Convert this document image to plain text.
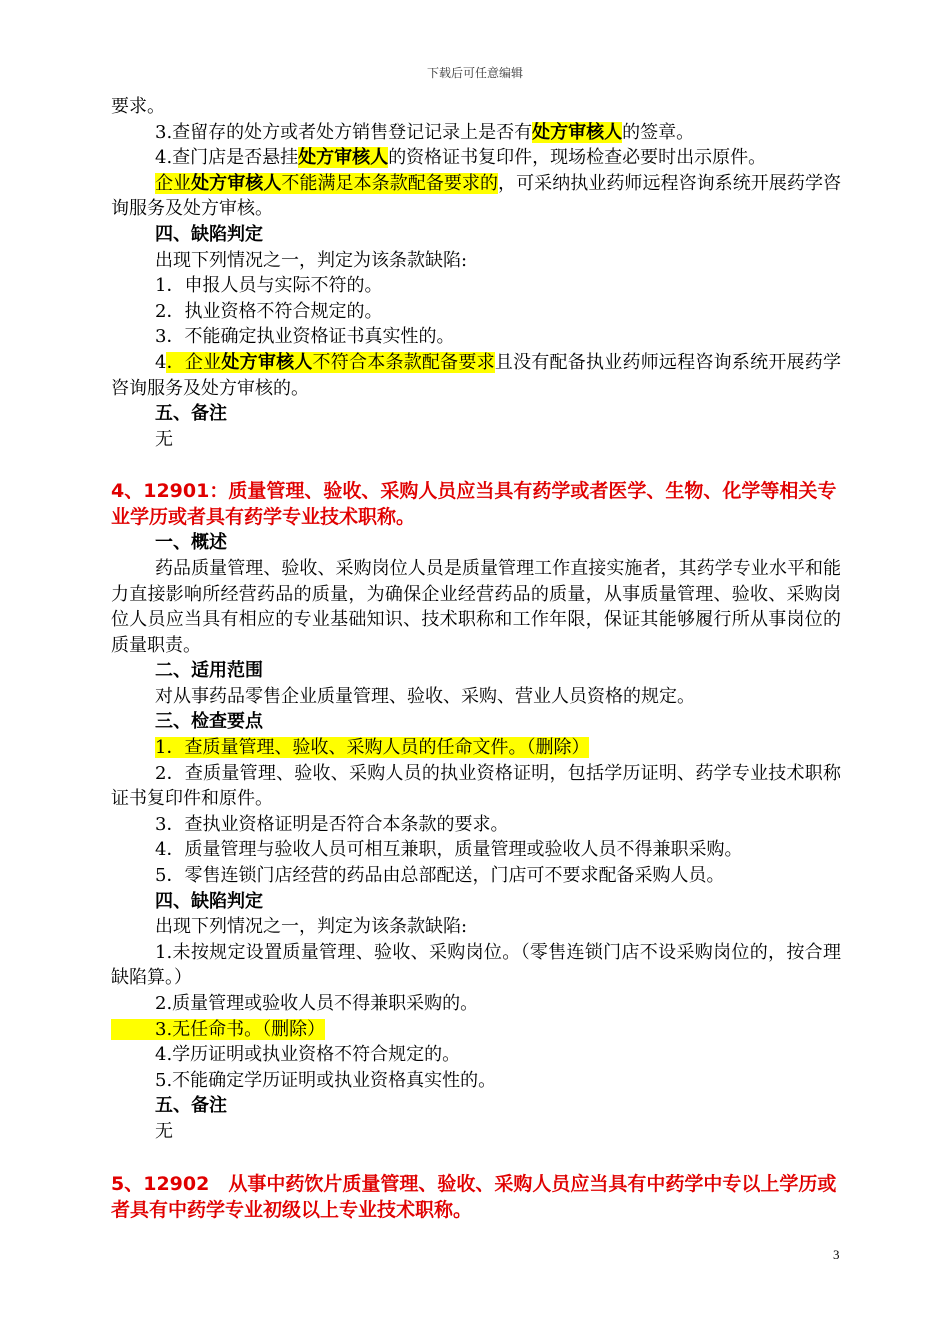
下载后可任意编辑

要求。

3.查留存的处方或者处方销售登记记录上是否有处方审核人的签章。

4.查门店是否悬挂处方审核人的资格证书复印件，现场检查必要时出示原件。

企业处方审核人不能满足本条款配备要求的，可采纳执业药师远程咨询系统开展药学咨询服务及处方审核。

四、缺陷判定

出现下列情况之一，判定为该条款缺陷:

1．申报人员与实际不符的。

2．执业资格不符合规定的。

3．不能确定执业资格证书真实性的。

4．企业处方审核人不符合本条款配备要求且没有配备执业药师远程咨询系统开展药学咨询服务及处方审核的。

五、备注

无

4、12901：质量管理、验收、采购人员应当具有药学或者医学、生物、化学等相关专业学历或者具有药学专业技术职称。

一、概述

药品质量管理、验收、采购岗位人员是质量管理工作直接实施者，其药学专业水平和能力直接影响所经营药品的质量，为确保企业经营药品的质量，从事质量管理、验收、采购岗位人员应当具有相应的专业基础知识、技术职称和工作年限，保证其能够履行所从事岗位的质量职责。

二、适用范围

对从事药品零售企业质量管理、验收、采购、营业人员资格的规定。

三、检查要点

1．查质量管理、验收、采购人员的任命文件。（删除）

2．查质量管理、验收、采购人员的执业资格证明，包括学历证明、药学专业技术职称证书复印件和原件。

3．查执业资格证明是否符合本条款的要求。

4．质量管理与验收人员可相互兼职，质量管理或验收人员不得兼职采购。

5．零售连锁门店经营的药品由总部配送，门店可不要求配备采购人员。

四、缺陷判定

出现下列情况之一，判定为该条款缺陷:

1.未按规定设置质量管理、验收、采购岗位。（零售连锁门店不设采购岗位的，按合理缺陷算。）

2.质量管理或验收人员不得兼职采购的。

3.无任命书。（删除）

4.学历证明或执业资格不符合规定的。

5.不能确定学历证明或执业资格真实性的。

五、备注

无

5、12902　从事中药饮片质量管理、验收、采购人员应当具有中药学中专以上学历或者具有中药学专业初级以上专业技术职称。

3
